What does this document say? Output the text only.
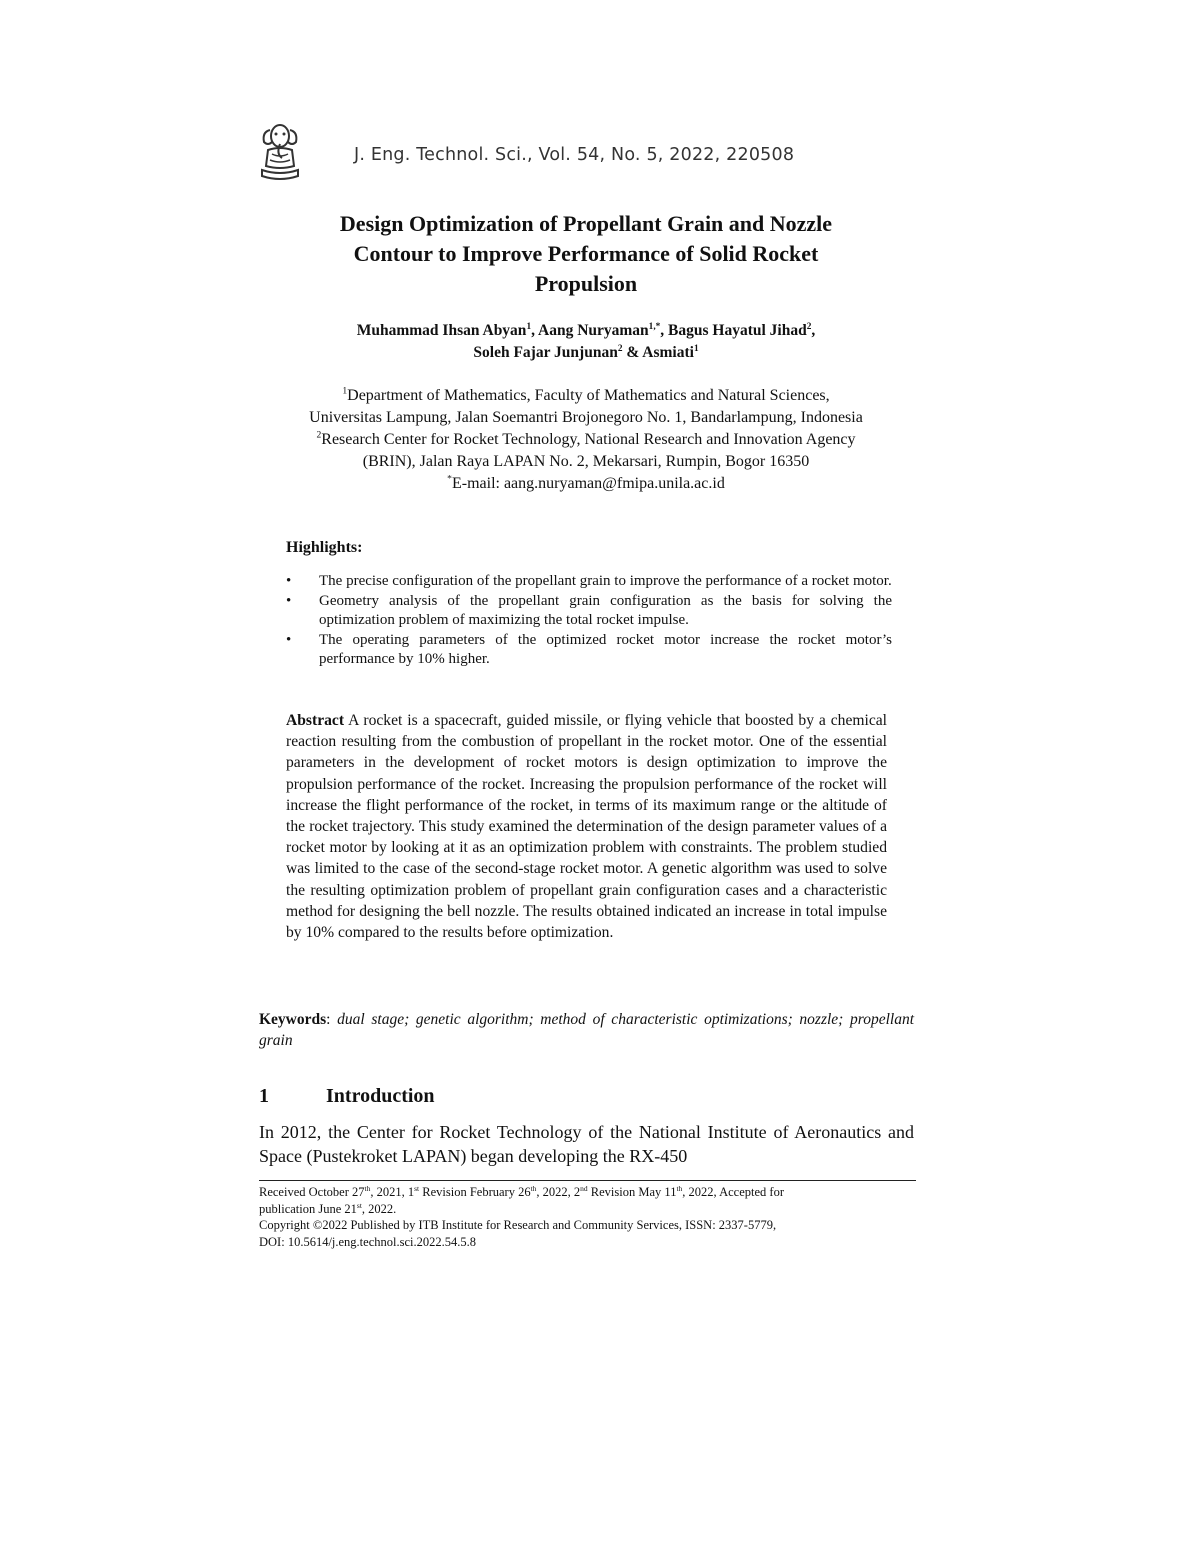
J. Eng. Technol. Sci., Vol. 54, No. 5, 2022, 220508
Design Optimization of Propellant Grain and Nozzle
Contour to Improve Performance of Solid Rocket
Propulsion
Muhammad Ihsan Abyan$^1$, Aang Nuryaman$^{1,*}$, Bagus Hayatul Jihad$^2$,
Soleh Fajar Junjunan$^2$ & Asmiati$^1$
$^1$Department of Mathematics, Faculty of Mathematics and Natural Sciences,
Universitas Lampung, Jalan Soemantri Brojonegoro No. 1, Bandarlampung, Indonesia
$^2$Research Center for Rocket Technology, National Research and Innovation Agency
(BRIN), Jalan Raya LAPAN No. 2, Mekarsari, Rumpin, Bogor 16350
*E-mail: aang.nuryaman@fmipa.unila.ac.id
Highlights:
• The precise configuration of the propellant grain to improve the performance of a rocket motor.
• Geometry analysis of the propellant grain configuration as the basis for solving the optimization problem of maximizing the total rocket impulse.
• The operating parameters of the optimized rocket motor increase the rocket motor’s performance by 10% higher.
Abstract A rocket is a spacecraft, guided missile, or flying vehicle that boosted by a chemical reaction resulting from the combustion of propellant in the rocket motor. One of the essential parameters in the development of rocket motors is design optimization to improve the propulsion performance of the rocket. Increasing the propulsion performance of the rocket will increase the flight performance of the rocket, in terms of its maximum range or the altitude of the rocket trajectory. This study examined the determination of the design parameter values of a rocket motor by looking at it as an optimization problem with constraints. The problem studied was limited to the case of the second-stage rocket motor. A genetic algorithm was used to solve the resulting optimization problem of propellant grain configuration cases and a characteristic method for designing the bell nozzle. The results obtained indicated an increase in total impulse by 10% compared to the results before optimization.
Keywords: dual stage; genetic algorithm; method of characteristic optimizations; nozzle; propellant grain
1	Introduction
In 2012, the Center for Rocket Technology of the National Institute of Aeronautics and Space (Pustekroket LAPAN) began developing the RX-450
Received October 27th, 2021, 1st Revision February 26th, 2022, 2nd Revision May 11th, 2022, Accepted for
publication June 21st, 2022.
Copyright ©2022 Published by ITB Institute for Research and Community Services, ISSN: 2337-5779,
DOI: 10.5614/j.eng.technol.sci.2022.54.5.8
